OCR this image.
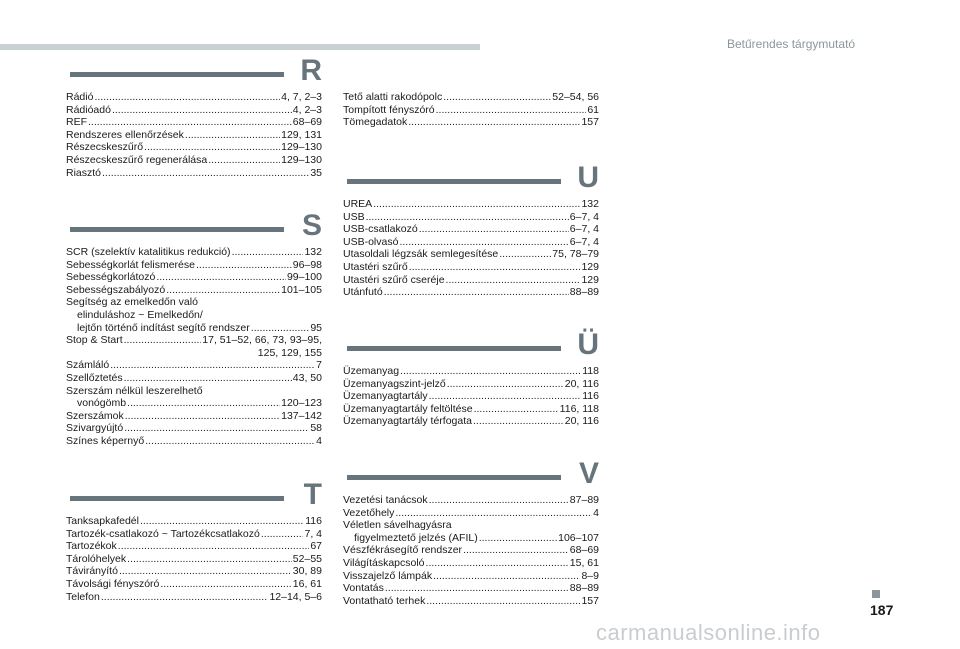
Betűrendes tárgymutató
R
Rádió .....	4, 7, 2–3
Rádióadó .....	4, 2–3
REF .....	68–69
Rendszeres ellenőrzések .....	129, 131
Részecskeszűrő .....	129–130
Részecskeszűrő regenerálása .....	129–130
Riasztó .....	35
S
SCR (szelektív katalitikus redukció) .....	132
Sebességkorlát felismerése .....	96–98
Sebességkorlátozó .....	99–100
Sebességszabályozó .....	101–105
Segítség az emelkedőn való
elinduláshoz ~ Emelkedőn/
lejtőn történő indítást segítő rendszer .....	95
Stop & Start .....	17, 51–52, 66, 73, 93–95,
125, 129, 155
Számláló .....	7
Szellőztetés .....	43, 50
Szerszám nélkül leszerelhető
vonógömb .....	120–123
Szerszámok .....	137–142
Szivargyújtó .....	58
Színes képernyő .....	4
T
Tanksapkafedél .....	116
Tartozék-csatlakozó ~ Tartozékcsatlakozó .....	7, 4
Tartozékok .....	67
Tárolóhelyek .....	52–55
Távirányító .....	30, 89
Távolsági fényszóró .....	16, 61
Telefon .....	12–14, 5–6
Tető alatti rakodópolc .....	52–54, 56
Tompított fényszóró .....	61
Tömegadatok .....	157
U
UREA .....	132
USB .....	6–7, 4
USB-csatlakozó .....	6–7, 4
USB-olvasó .....	6–7, 4
Utasoldali légzsák semlegesítése .....	75, 78–79
Utastéri szűrő .....	129
Utastéri szűrő cseréje .....	129
Utánfutó .....	88–89
Ü
Üzemanyag .....	118
Üzemanyagszint-jelző .....	20, 116
Üzemanyagtartály .....	116
Üzemanyagtartály feltöltése .....	116, 118
Üzemanyagtartály térfogata .....	20, 116
V
Vezetési tanácsok .....	87–89
Vezetőhely .....	4
Véletlen sávelhagyásra
figyelmeztető jelzés (AFIL) .....	106–107
Vészfékrásegítő rendszer .....	68–69
Világításkapcsoló .....	15, 61
Visszajelző lámpák .....	8–9
Vontatás .....	88–89
Vontatható terhek .....	157
187
carmanualsonline.info
